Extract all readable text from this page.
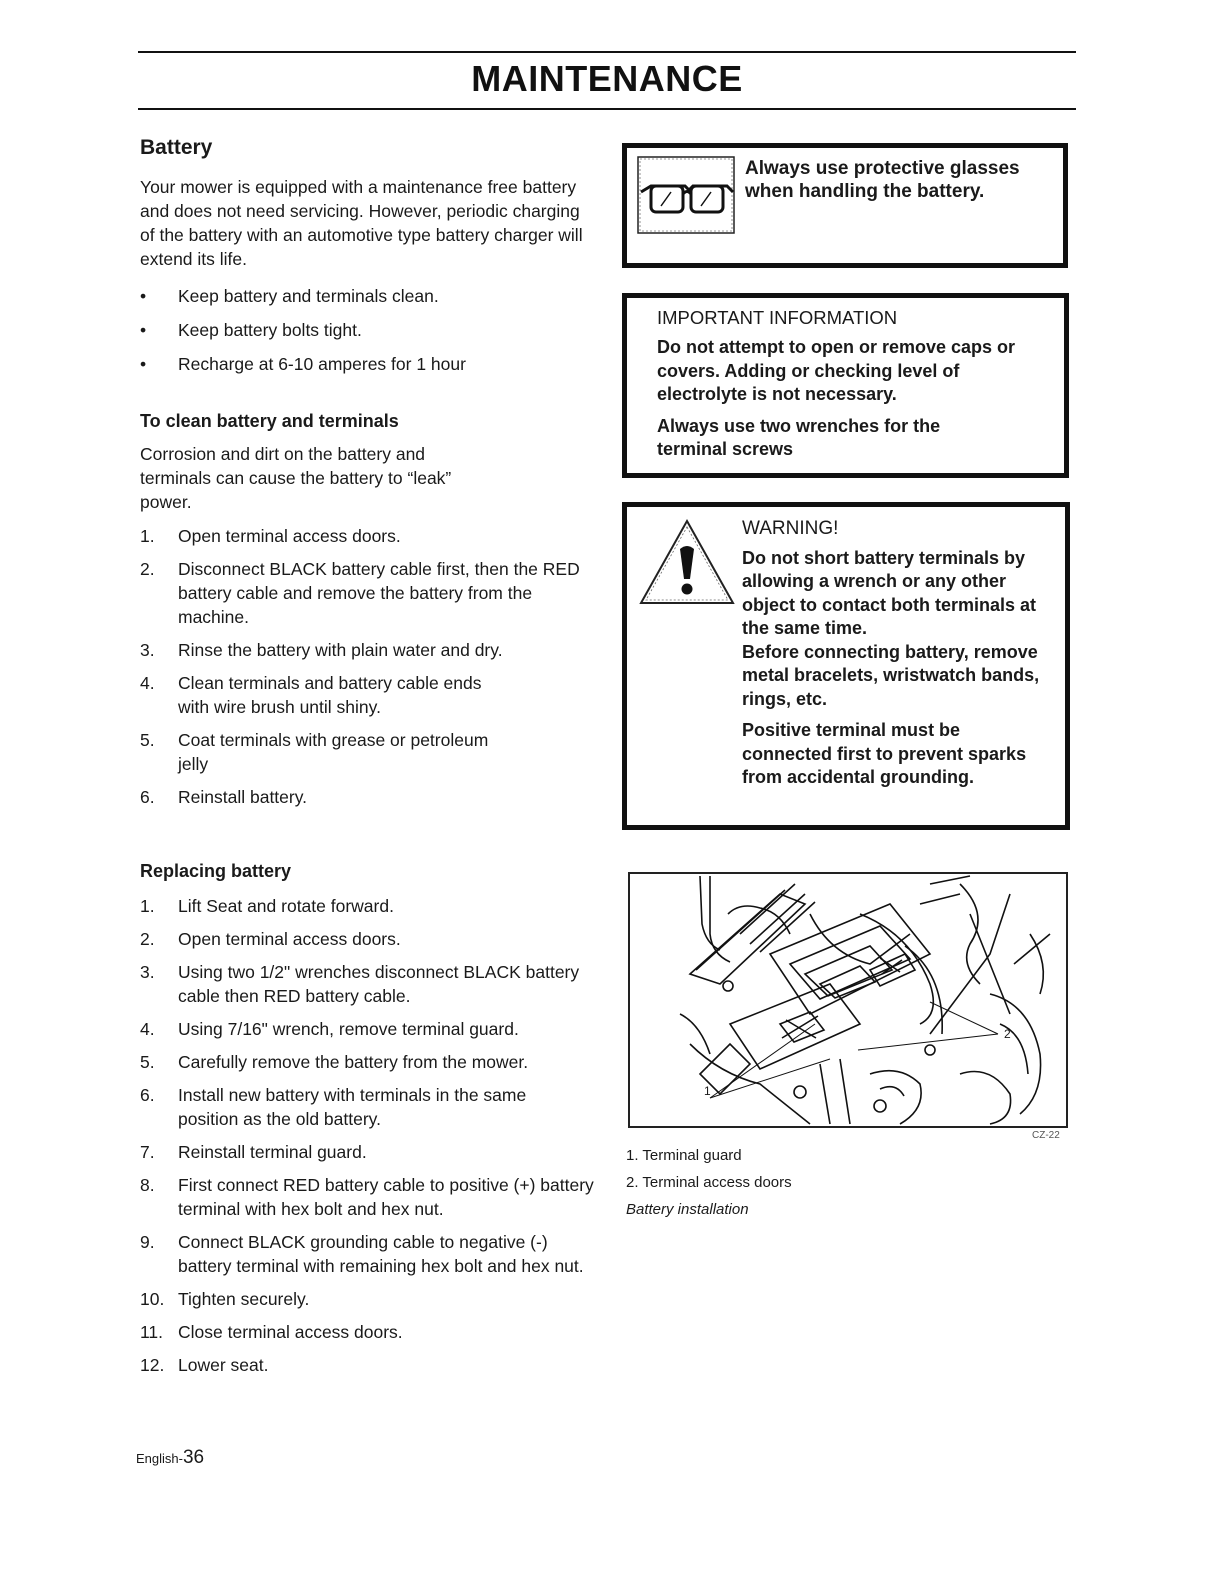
MAINTENANCE
Battery

Your mower is equipped with a maintenance free battery and does not need servicing. However, periodic charging of the battery with an automotive type battery charger will extend its life.

• Keep battery and terminals clean.
• Keep battery bolts tight.
• Recharge at 6-10 amperes for 1 hour
To clean battery and terminals

Corrosion and dirt on the battery and terminals can cause the battery to “leak” power.

1. Open terminal access doors.
2. Disconnect BLACK battery cable first, then the RED battery cable and remove the battery from the machine.
3. Rinse the battery with plain water and dry.
4. Clean terminals and battery cable ends with wire brush until shiny.
5. Coat terminals with grease or petroleum jelly
6. Reinstall battery.
Replacing battery
1. Lift Seat and rotate forward.
2. Open terminal access doors.
3. Using two 1/2" wrenches disconnect BLACK battery cable then RED battery cable.
4. Using 7/16" wrench, remove terminal guard.
5. Carefully remove the battery from the mower.
6. Install new battery with terminals in the same position as the old battery.
7. Reinstall terminal guard.
8. First connect RED battery cable to positive (+) battery terminal with hex bolt and hex nut.
9. Connect BLACK grounding cable to negative (-) battery terminal with remaining hex bolt and hex nut.
10. Tighten securely.
11. Close terminal access doors.
12. Lower seat.
Always use protective glasses when handling the battery.
IMPORTANT INFORMATION
Do not attempt to open or remove caps or covers. Adding or checking level of electrolyte is not necessary.
Always use two wrenches for the terminal screws
WARNING!
Do not short battery terminals by allowing a wrench or any other object to contact both terminals at the same time.
Before connecting battery, remove metal bracelets, wristwatch bands, rings, etc.
Positive terminal must be connected first to prevent sparks from accidental grounding.
1
2
CZ-22
1. Terminal guard
2. Terminal access doors
Battery installation
English-36
